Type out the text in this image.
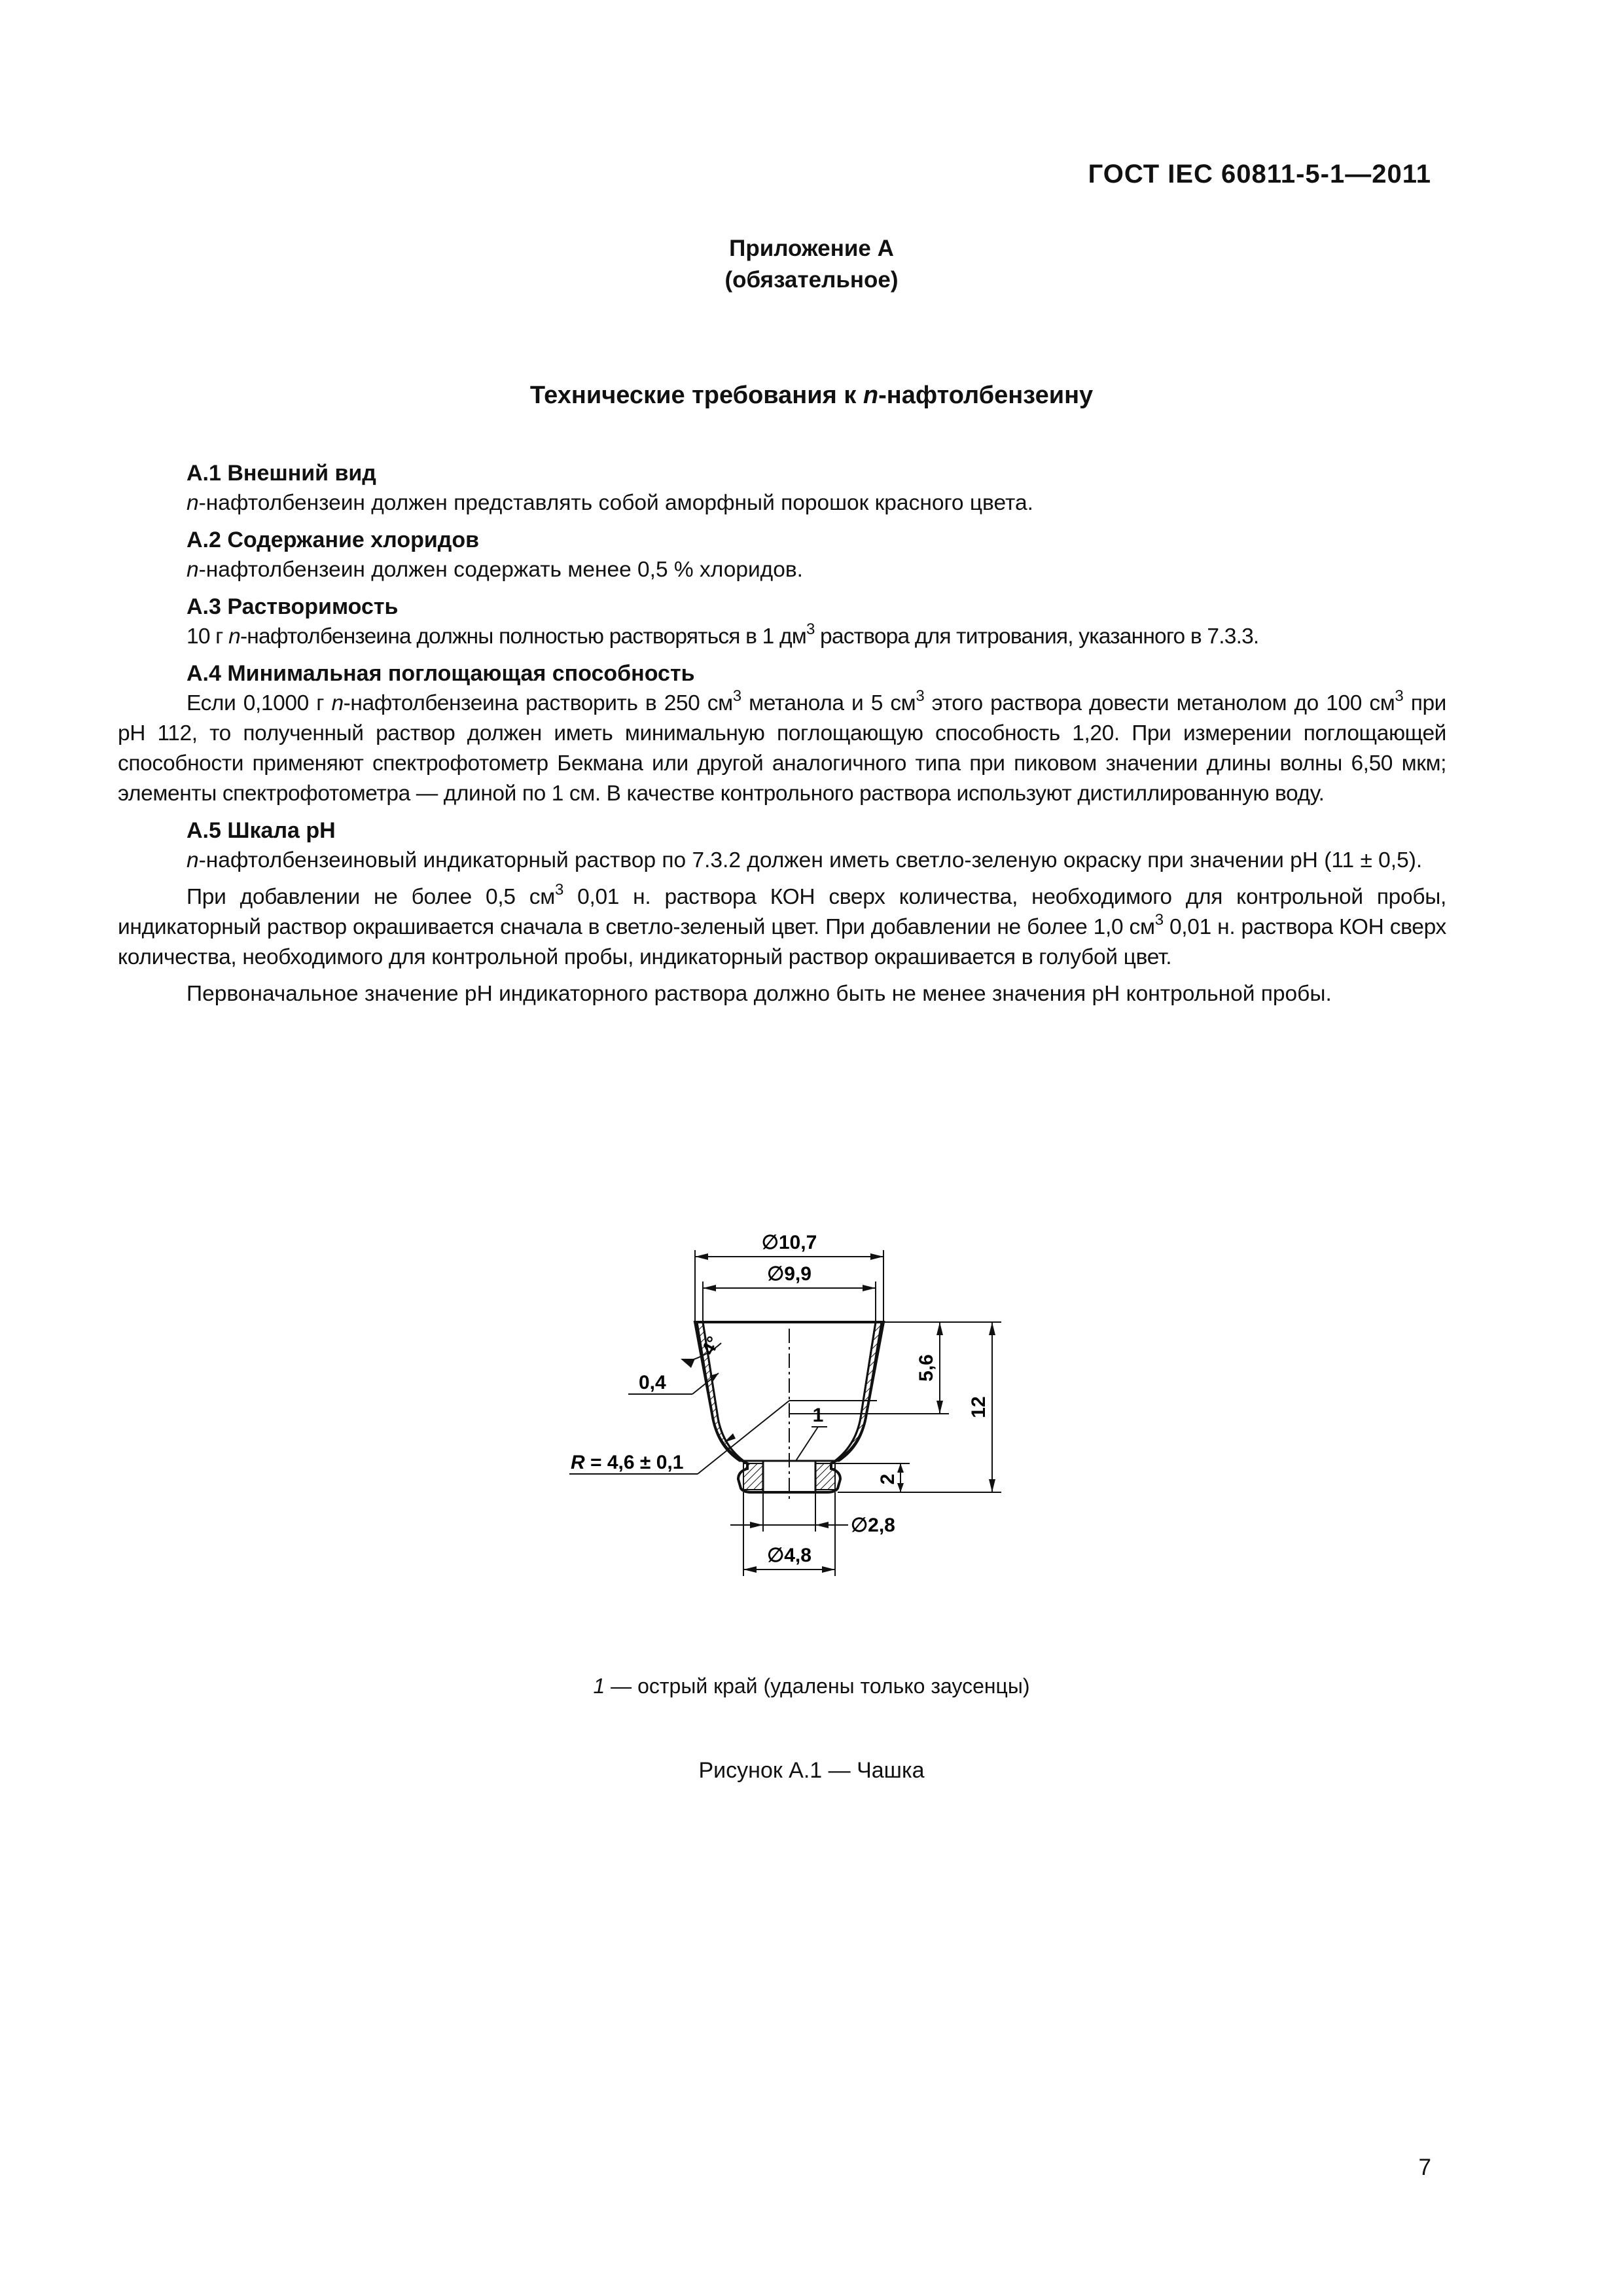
ГОСТ IEC 60811-5-1—2011
Приложение А
(обязательное)
Технические требования к n-нафтолбензеину
А.1 Внешний вид

n-нафтолбензеин должен представлять собой аморфный порошок красного цвета.

А.2 Содержание хлоридов

n-нафтолбензеин должен содержать менее 0,5 % хлоридов.

А.3 Растворимость

10 г n-нафтолбензеина должны полностью растворяться в 1 $дм^3$ раствора для титрования, указанного в 7.3.3.

А.4 Минимальная поглощающая способность

Если 0,1000 г n-нафтолбензеина растворить в 250 $см^3$ метанола и 5 $см^3$ этого раствора довести метанолом до 100 $см^3$ при pH 112, то полученный раствор должен иметь минимальную поглощающую способность 1,20. При измерении поглощающей способности применяют спектрофотометр Бекмана или другой аналогичного типа при пиковом значении длины волны 6,50 мкм; элементы спектрофотометра — длиной по 1 см. В качестве контрольного раствора используют дистиллированную воду.

А.5 Шкала pH

n-нафтолбензеиновый индикаторный раствор по 7.3.2 должен иметь светло-зеленую окраску при значении pH (11 ± 0,5).

При добавлении не более 0,5 $см^3$ 0,01 н. раствора КОН сверх количества, необходимого для контрольной пробы, индикаторный раствор окрашивается сначала в светло-зеленый цвет. При добавлении не более 1,0 $см^3$ 0,01 н. раствора КОН сверх количества, необходимого для контрольной пробы, индикаторный раствор окрашивается в голубой цвет.

Первоначальное значение pH индикаторного раствора должно быть не менее значения pH контрольной пробы.

∅10,7
∅9,9
5,6
12
2
4°
0,4
R = 4,6 ± 0,1
1
∅2,8
∅4,8
1 — острый край (удалены только заусенцы)
Рисунок А.1 — Чашка
7
